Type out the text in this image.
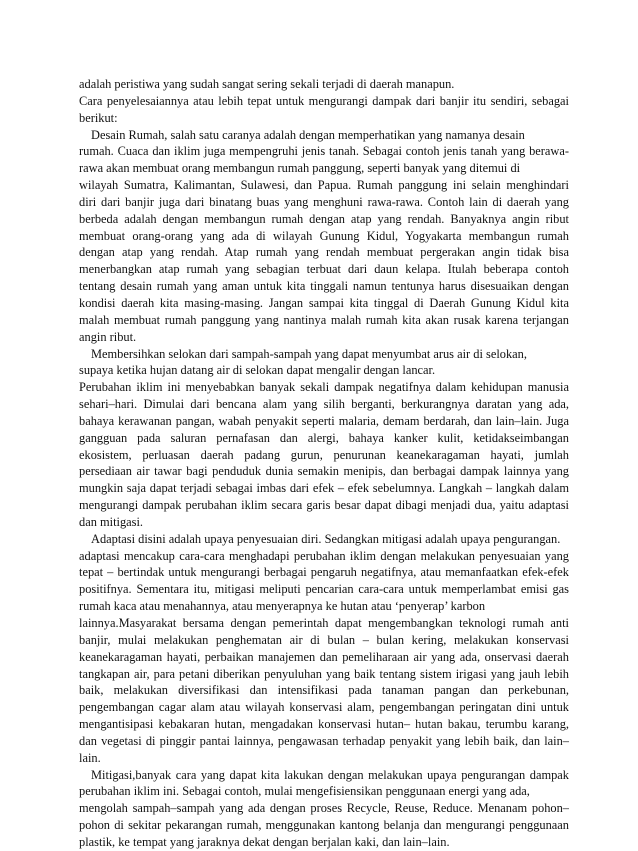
adalah peristiwa yang sudah sangat sering sekali terjadi di daerah manapun.
Cara penyelesaiannya atau lebih tepat untuk mengurangi dampak dari banjir itu sendiri, sebagai
berikut:
Desain Rumah, salah satu caranya adalah dengan memperhatikan yang namanya desain
rumah. Cuaca dan iklim juga mempengruhi jenis tanah. Sebagai contoh jenis tanah yang berawa-
rawa akan membuat orang membangun rumah panggung, seperti banyak yang ditemui di
wilayah Sumatra, Kalimantan, Sulawesi, dan Papua. Rumah panggung ini selain menghindari
diri dari banjir juga dari binatang buas yang menghuni rawa-rawa. Contoh lain di daerah yang
berbeda adalah dengan membangun rumah dengan atap yang rendah. Banyaknya angin ribut
membuat orang-orang yang ada di wilayah Gunung Kidul, Yogyakarta membangun rumah
dengan atap yang rendah. Atap rumah yang rendah membuat pergerakan angin tidak bisa
menerbangkan atap rumah yang sebagian terbuat dari daun kelapa. Itulah beberapa contoh
tentang desain rumah yang aman untuk kita tinggali namun tentunya harus disesuaikan dengan
kondisi daerah kita masing-masing. Jangan sampai kita tinggal di Daerah Gunung Kidul kita
malah membuat rumah panggung yang nantinya malah rumah kita akan rusak karena terjangan
angin ribut.
Membersihkan selokan dari sampah-sampah yang dapat menyumbat arus air di selokan,
supaya ketika hujan datang air di selokan dapat mengalir dengan lancar.
Perubahan iklim ini menyebabkan banyak sekali dampak negatifnya dalam kehidupan manusia
sehari–hari. Dimulai dari bencana alam yang silih berganti, berkurangnya daratan yang ada,
bahaya kerawanan pangan, wabah penyakit seperti malaria, demam berdarah, dan lain–lain. Juga
gangguan pada saluran pernafasan dan alergi, bahaya kanker kulit, ketidakseimbangan
ekosistem, perluasan daerah padang gurun, penurunan keanekaragaman hayati, jumlah
persediaan air tawar bagi penduduk dunia semakin menipis, dan berbagai dampak lainnya yang
mungkin saja dapat terjadi sebagai imbas dari efek – efek sebelumnya. Langkah – langkah dalam
mengurangi dampak perubahan iklim secara garis besar dapat dibagi menjadi dua, yaitu adaptasi
dan mitigasi.
Adaptasi disini adalah upaya penyesuaian diri. Sedangkan mitigasi adalah upaya pengurangan.
adaptasi mencakup cara-cara menghadapi perubahan iklim dengan melakukan penyesuaian yang
tepat – bertindak untuk mengurangi berbagai pengaruh negatifnya, atau memanfaatkan efek-efek
positifnya. Sementara itu, mitigasi meliputi pencarian cara-cara untuk memperlambat emisi gas
rumah kaca atau menahannya, atau menyerapnya ke hutan atau ‘penyerap’ karbon
lainnya.Masyarakat bersama dengan pemerintah dapat mengembangkan teknologi rumah anti
banjir, mulai melakukan penghematan air di bulan – bulan kering, melakukan konservasi
keanekaragaman hayati, perbaikan manajemen dan pemeliharaan air yang ada, onservasi daerah
tangkapan air, para petani diberikan penyuluhan yang baik tentang sistem irigasi yang jauh lebih
baik, melakukan diversifikasi dan intensifikasi pada tanaman pangan dan perkebunan,
pengembangan cagar alam atau wilayah konservasi alam, pengembangan peringatan dini untuk
mengantisipasi kebakaran hutan, mengadakan konservasi hutan– hutan bakau, terumbu karang,
dan vegetasi di pinggir pantai lainnya, pengawasan terhadap penyakit yang lebih baik, dan lain–
lain.
Mitigasi,banyak cara yang dapat kita lakukan dengan melakukan upaya pengurangan dampak
perubahan iklim ini. Sebagai contoh, mulai mengefisiensikan penggunaan energi yang ada,
mengolah sampah–sampah yang ada dengan proses Recycle, Reuse, Reduce. Menanam pohon–
pohon di sekitar pekarangan rumah, menggunakan kantong belanja dan mengurangi penggunaan
plastik, ke tempat yang jaraknya dekat dengan berjalan kaki, dan lain–lain.
